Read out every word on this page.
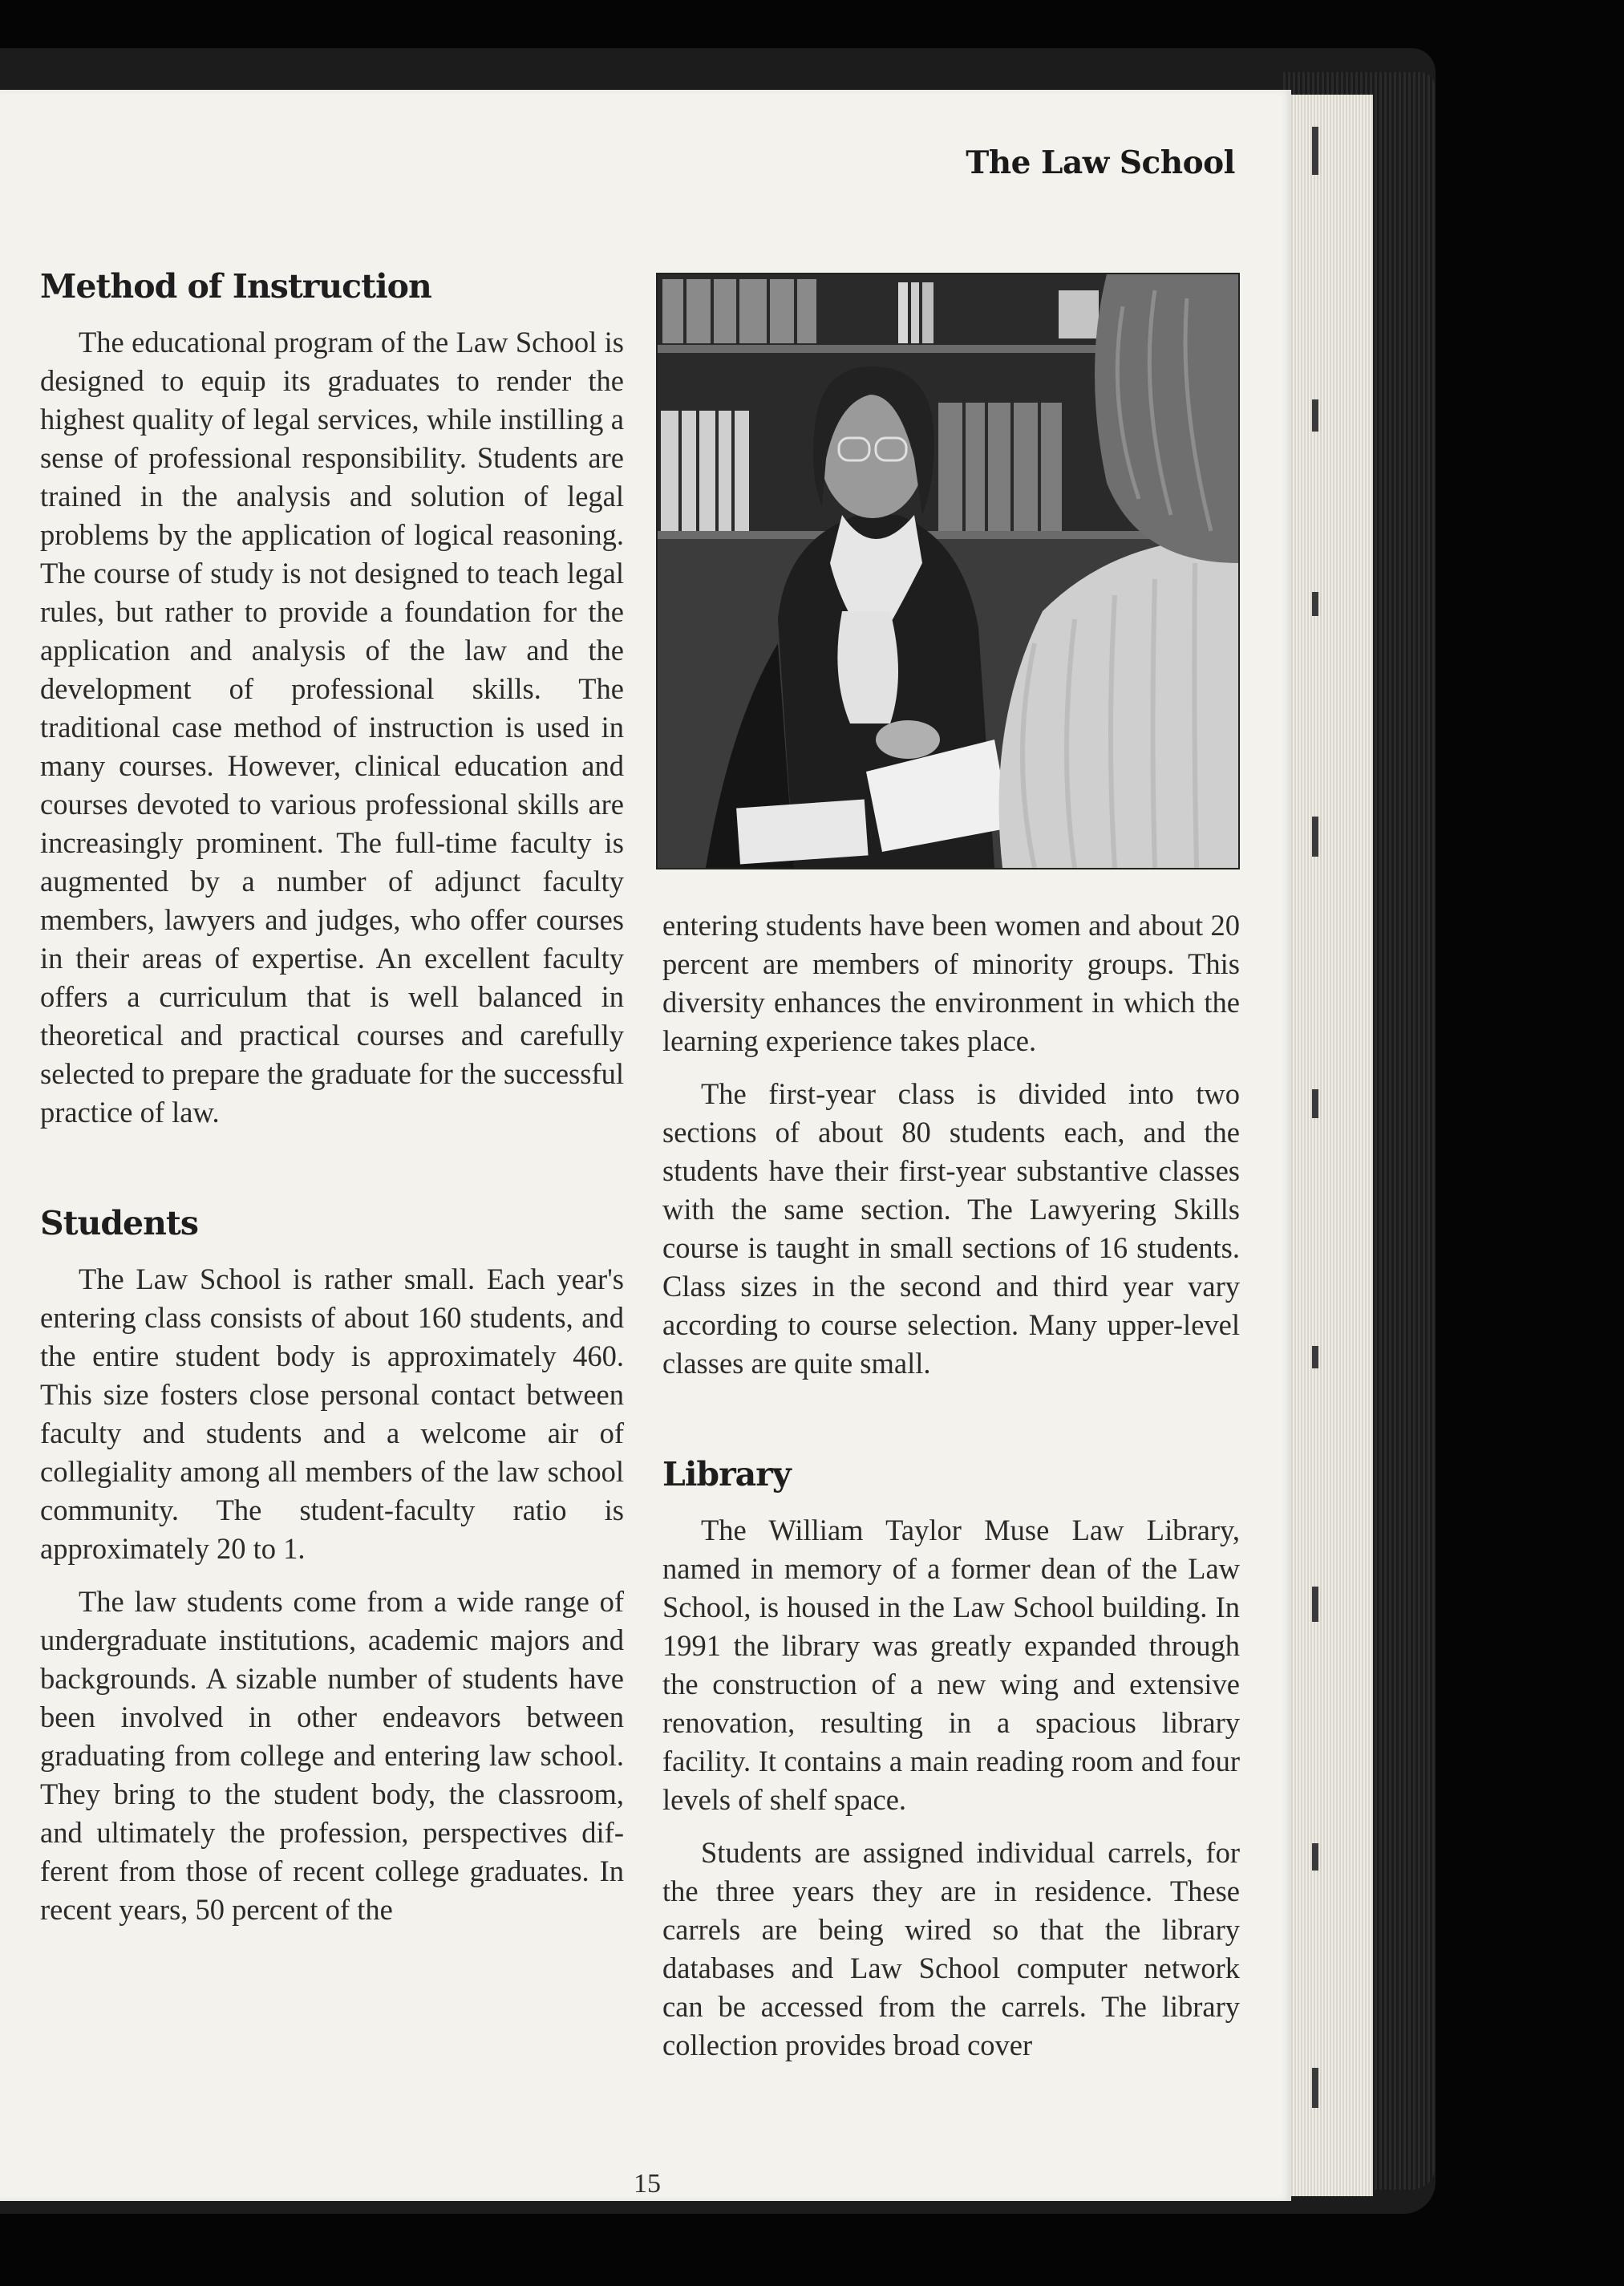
The Law School
Method of Instruction

The educational program of the Law School is designed to equip its graduates to render the highest quality of legal services, while instilling a sense of professional responsibility. Students are trained in the analysis and solution of legal problems by the application of logical reasoning. The course of study is not designed to teach legal rules, but rather to provide a foundation for the application and analysis of the law and the development of professional skills. The traditional case method of instruction is used in many courses. However, clinical education and courses devoted to various professional skills are increasingly prominent. The full-time faculty is augmented by a number of adjunct faculty members, lawyers and judges, who offer courses in their areas of expertise. An excellent faculty offers a curriculum that is well balanced in theoretical and practical courses and carefully selected to prepare the graduate for the successful practice of law.

Students

The Law School is rather small. Each year's entering class consists of about 160 students, and the entire student body is approximately 460. This size fosters close personal contact between faculty and students and a welcome air of collegiality among all members of the law school community. The student-faculty ratio is approximately 20 to 1.

The law students come from a wide range of undergraduate institutions, academic majors and backgrounds. A sizable number of students have been involved in other endeavors between graduating from college and entering law school. They bring to the student body, the classroom, and ultimately the profession, perspectives different from those of recent college graduates. In recent years, 50 percent of the

entering students have been women and about 20 percent are members of minority groups. This diversity enhances the environment in which the learning experience takes place.

The first-year class is divided into two sections of about 80 students each, and the students have their first-year substantive classes with the same section. The Lawyering Skills course is taught in small sections of 16 students. Class sizes in the second and third year vary according to course selection. Many upper-level classes are quite small.

Library

The William Taylor Muse Law Library, named in memory of a former dean of the Law School, is housed in the Law School building. In 1991 the library was greatly expanded through the construction of a new wing and extensive renovation, resulting in a spacious library facility. It contains a main reading room and four levels of shelf space.

Students are assigned individual carrels, for the three years they are in residence. These carrels are being wired so that the library databases and Law School computer network can be accessed from the carrels. The library collection provides broad cover

15
